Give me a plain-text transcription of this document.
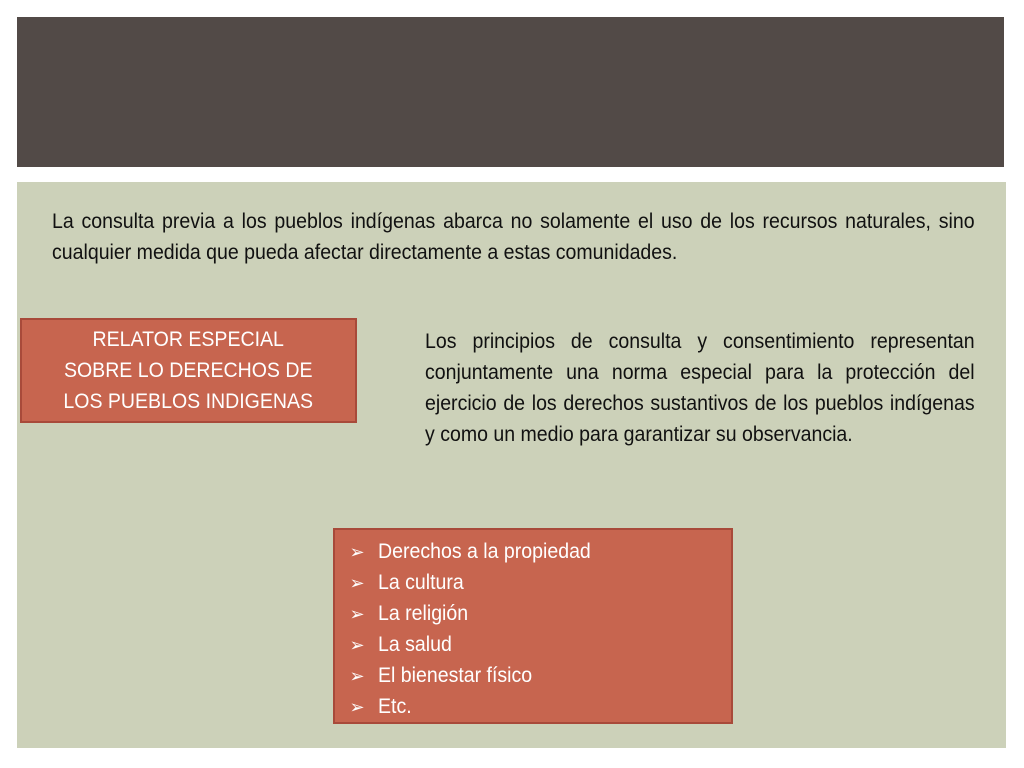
La consulta previa a los pueblos indígenas abarca no solamente el uso de los recursos naturales, sino cualquier medida que pueda afectar directamente a estas comunidades.

RELATOR ESPECIAL
SOBRE LO DERECHOS DE
LOS PUEBLOS INDIGENAS

Los principios de consulta y consentimiento representan conjuntamente una norma especial para la protección del ejercicio de los derechos sustantivos de los pueblos indígenas y como un medio para garantizar su observancia.

➢ Derechos a la propiedad
➢ La cultura
➢ La religión
➢ La salud
➢ El bienestar físico
➢ Etc.
